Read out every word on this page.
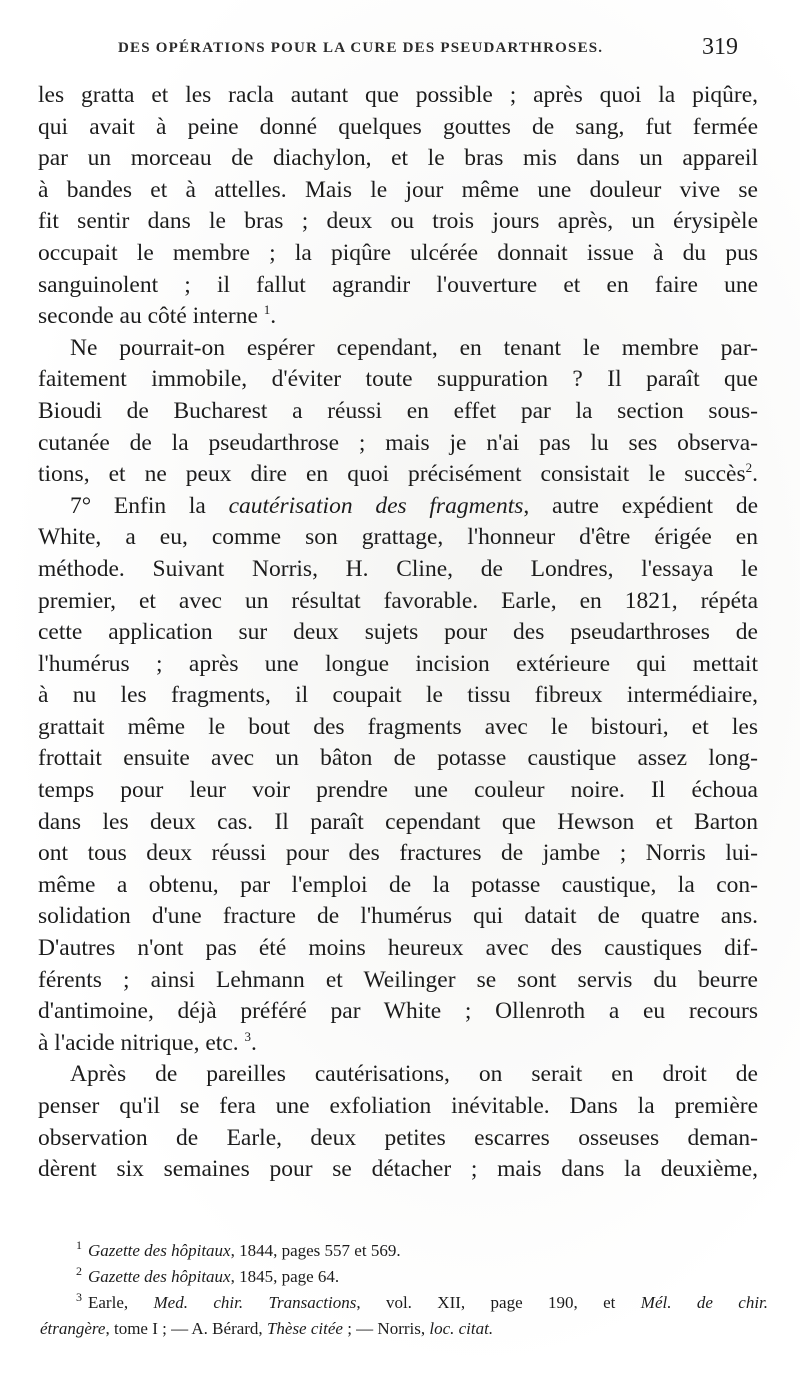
DES OPÉRATIONS POUR LA CURE DES PSEUDARTHROSES.	319
les gratta et les racla autant que possible ; après quoi la piqûre,
qui avait à peine donné quelques gouttes de sang, fut fermée
par un morceau de diachylon, et le bras mis dans un appareil
à bandes et à attelles. Mais le jour même une douleur vive se
fit sentir dans le bras ; deux ou trois jours après, un érysipèle
occupait le membre ; la piqûre ulcérée donnait issue à du pus
sanguinolent ; il fallut agrandir l'ouverture et en faire une
seconde au côté interne $^1$.
Ne pourrait-on espérer cependant, en tenant le membre par-
faitement immobile, d'éviter toute suppuration ? Il paraît que
Bioudi de Bucharest a réussi en effet par la section sous-
cutanée de la pseudarthrose ; mais je n'ai pas lu ses observa-
tions, et ne peux dire en quoi précisément consistait le succès$^2$.
7° Enfin la cautérisation des fragments, autre expédient de
White, a eu, comme son grattage, l'honneur d'être érigée en
méthode. Suivant Norris, H. Cline, de Londres, l'essaya le
premier, et avec un résultat favorable. Earle, en 1821, répéta
cette application sur deux sujets pour des pseudarthroses de
l'humérus ; après une longue incision extérieure qui mettait
à nu les fragments, il coupait le tissu fibreux intermédiaire,
grattait même le bout des fragments avec le bistouri, et les
frottait ensuite avec un bâton de potasse caustique assez long-
temps pour leur voir prendre une couleur noire. Il échoua
dans les deux cas. Il paraît cependant que Hewson et Barton
ont tous deux réussi pour des fractures de jambe ; Norris lui-
même a obtenu, par l'emploi de la potasse caustique, la con-
solidation d'une fracture de l'humérus qui datait de quatre ans.
D'autres n'ont pas été moins heureux avec des caustiques dif-
férents ; ainsi Lehmann et Weilinger se sont servis du beurre
d'antimoine, déjà préféré par White ; Ollenroth a eu recours
à l'acide nitrique, etc. $^3$.
Après de pareilles cautérisations, on serait en droit de
penser qu'il se fera une exfoliation inévitable. Dans la première
observation de Earle, deux petites escarres osseuses deman-
dèrent six semaines pour se détacher ; mais dans la deuxième,
$^1$ Gazette des hôpitaux, 1844, pages 557 et 569.
$^2$ Gazette des hôpitaux, 1845, page 64.
$^3$ Earle, Med. chir. Transactions, vol. XII, page 190, et Mél. de chir.
étrangère, tome I ; — A. Bérard, Thèse citée ; — Norris, loc. citat.
